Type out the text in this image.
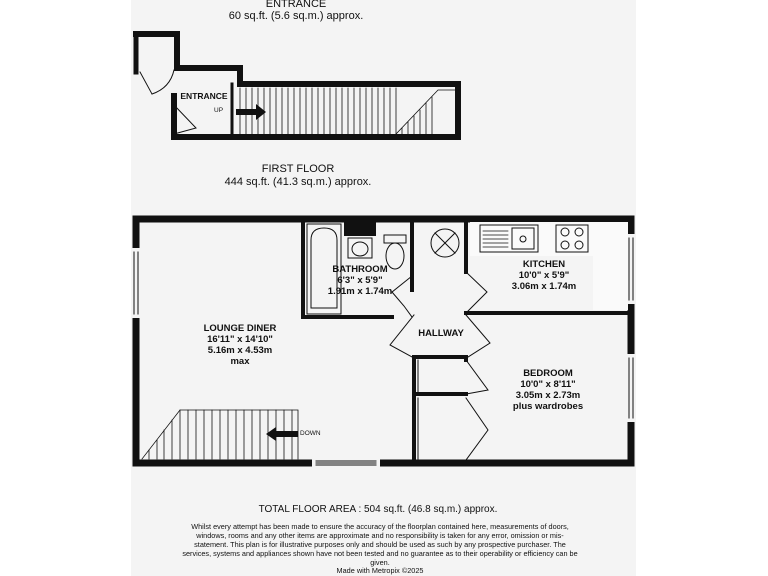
ENTRANCE
60 sq.ft. (5.6 sq.m.) approx.
FIRST FLOOR
444 sq.ft. (41.3 sq.m.) approx.
ENTRANCE
UP
LOUNGE DINER
16'11" x 14'10"
5.16m x 4.53m
max
BATHROOM
6'3" x 5'9"
1.91m x 1.74m
KITCHEN
10'0" x 5'9"
3.06m x 1.74m
HALLWAY
BEDROOM
10'0" x 8'11"
3.05m x 2.73m
plus wardrobes
DOWN
TOTAL FLOOR AREA : 504 sq.ft. (46.8 sq.m.) approx.
Whilst every attempt has been made to ensure the accuracy of the floorplan contained here, measurements of doors, windows, rooms and any other items are approximate and no responsibility is taken for any error, omission or mis-statement. This plan is for illustrative purposes only and should be used as such by any prospective purchaser. The services, systems and appliances shown have not been tested and no guarantee as to their operability or efficiency can be given.
Made with Metropix ©2025
